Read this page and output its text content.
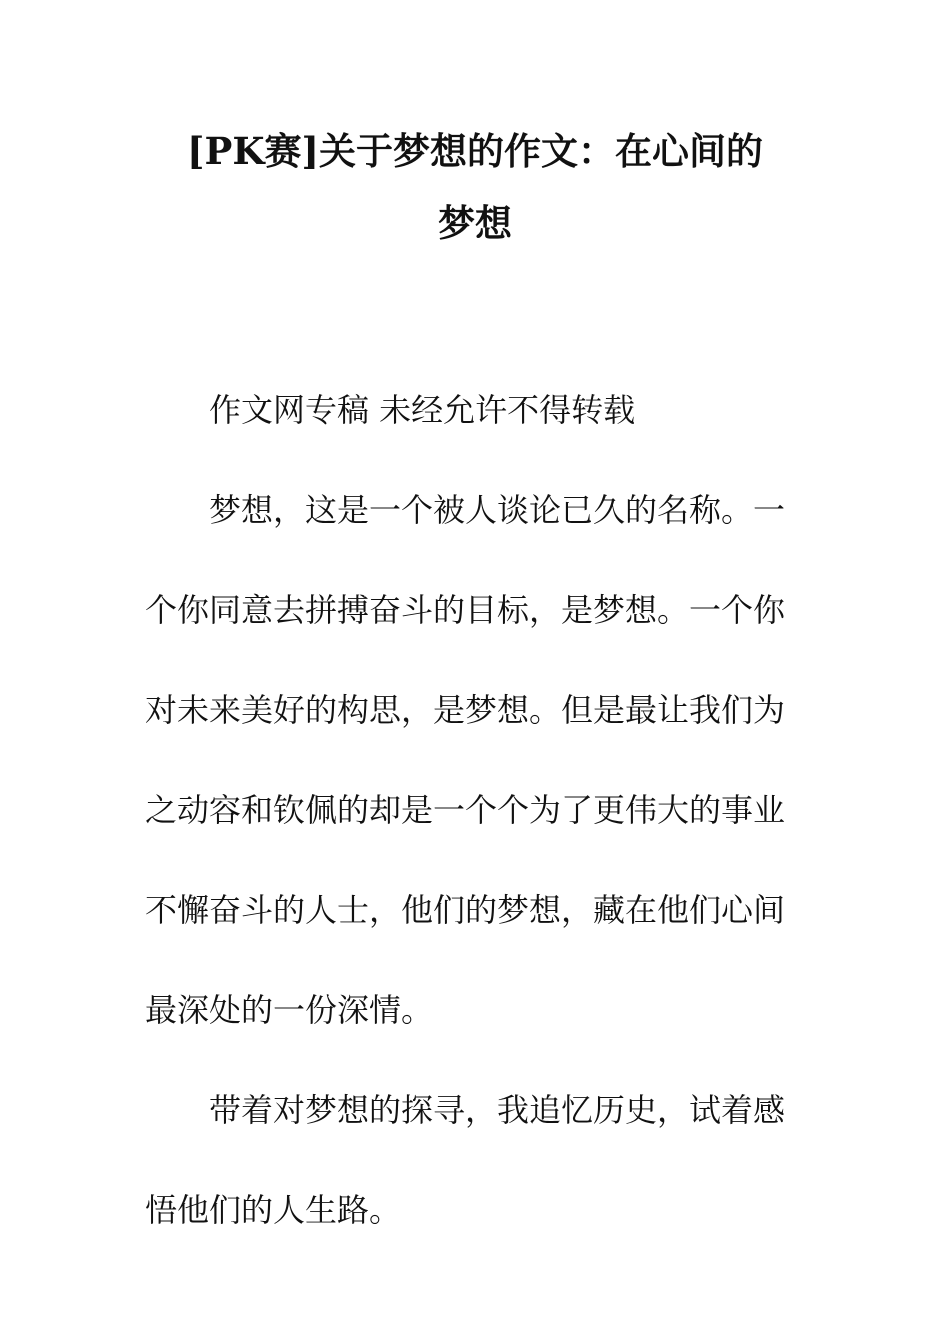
[PK赛]关于梦想的作文：在心间的
梦想

作文网专稿 未经允许不得转载

梦想，这是一个被人谈论已久的名称。一个你同意去拼搏奋斗的目标，是梦想。一个你对未来美好的构思，是梦想。但是最让我们为之动容和钦佩的却是一个个为了更伟大的事业不懈奋斗的人士，他们的梦想，藏在他们心间最深处的一份深情。

带着对梦想的探寻，我追忆历史，试着感悟他们的人生路。
